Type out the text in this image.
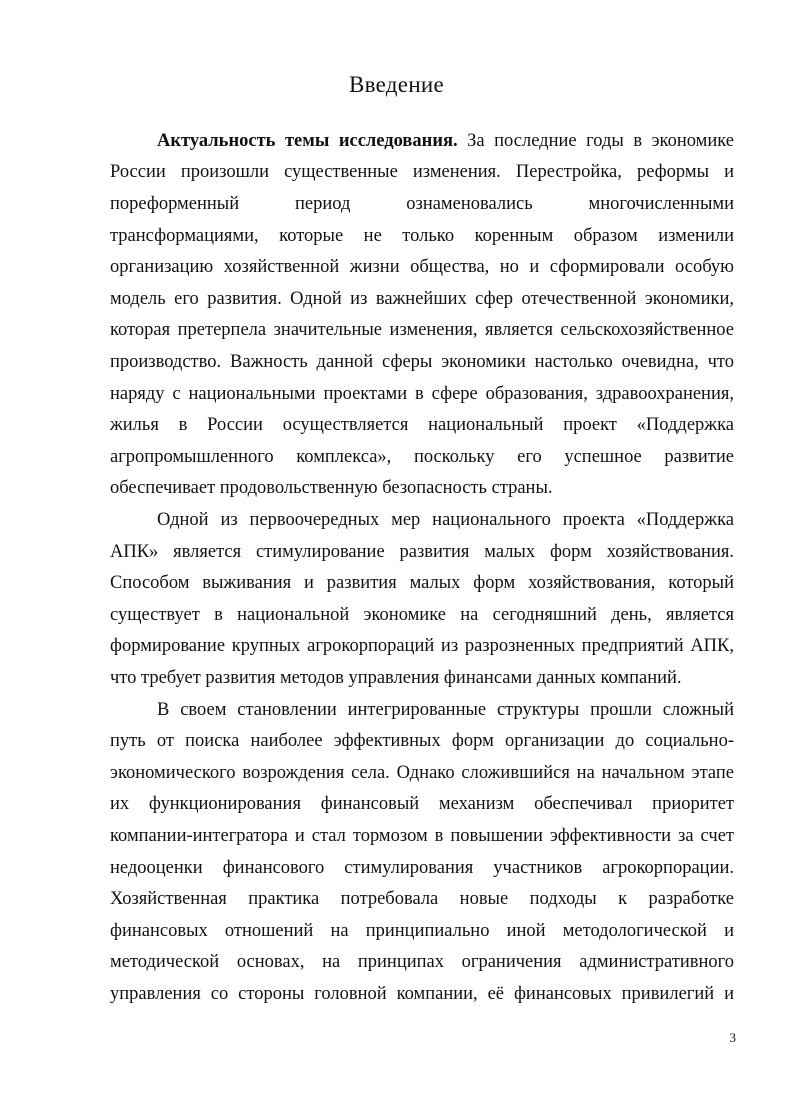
Введение
Актуальность темы исследования. За последние годы в экономике
России произошли существенные изменения. Перестройка, реформы и
пореформенный период ознаменовались многочисленными
трансформациями, которые не только коренным образом изменили
организацию хозяйственной жизни общества, но и сформировали особую
модель его развития. Одной из важнейших сфер отечественной экономики,
которая претерпела значительные изменения, является сельскохозяйственное
производство. Важность данной сферы экономики настолько очевидна, что
наряду с национальными проектами в сфере образования, здравоохранения,
жилья в России осуществляется национальный проект «Поддержка
агропромышленного комплекса», поскольку его успешное развитие
обеспечивает продовольственную безопасность страны.
Одной из первоочередных мер национального проекта «Поддержка
АПК» является стимулирование развития малых форм хозяйствования.
Способом выживания и развития малых форм хозяйствования, который
существует в национальной экономике на сегодняшний день, является
формирование крупных агрокорпораций из разрозненных предприятий АПК,
что требует развития методов управления финансами данных компаний.
В своем становлении интегрированные структуры прошли сложный
путь от поиска наиболее эффективных форм организации до социально-
экономического возрождения села. Однако сложившийся на начальном этапе
их функционирования финансовый механизм обеспечивал приоритет
компании-интегратора и стал тормозом в повышении эффективности за счет
недооценки финансового стимулирования участников агрокорпорации.
Хозяйственная практика потребовала новые подходы к разработке
финансовых отношений на принципиально иной методологической и
методической основах, на принципах ограничения административного
управления со стороны головной компании, её финансовых привилегий и
3
